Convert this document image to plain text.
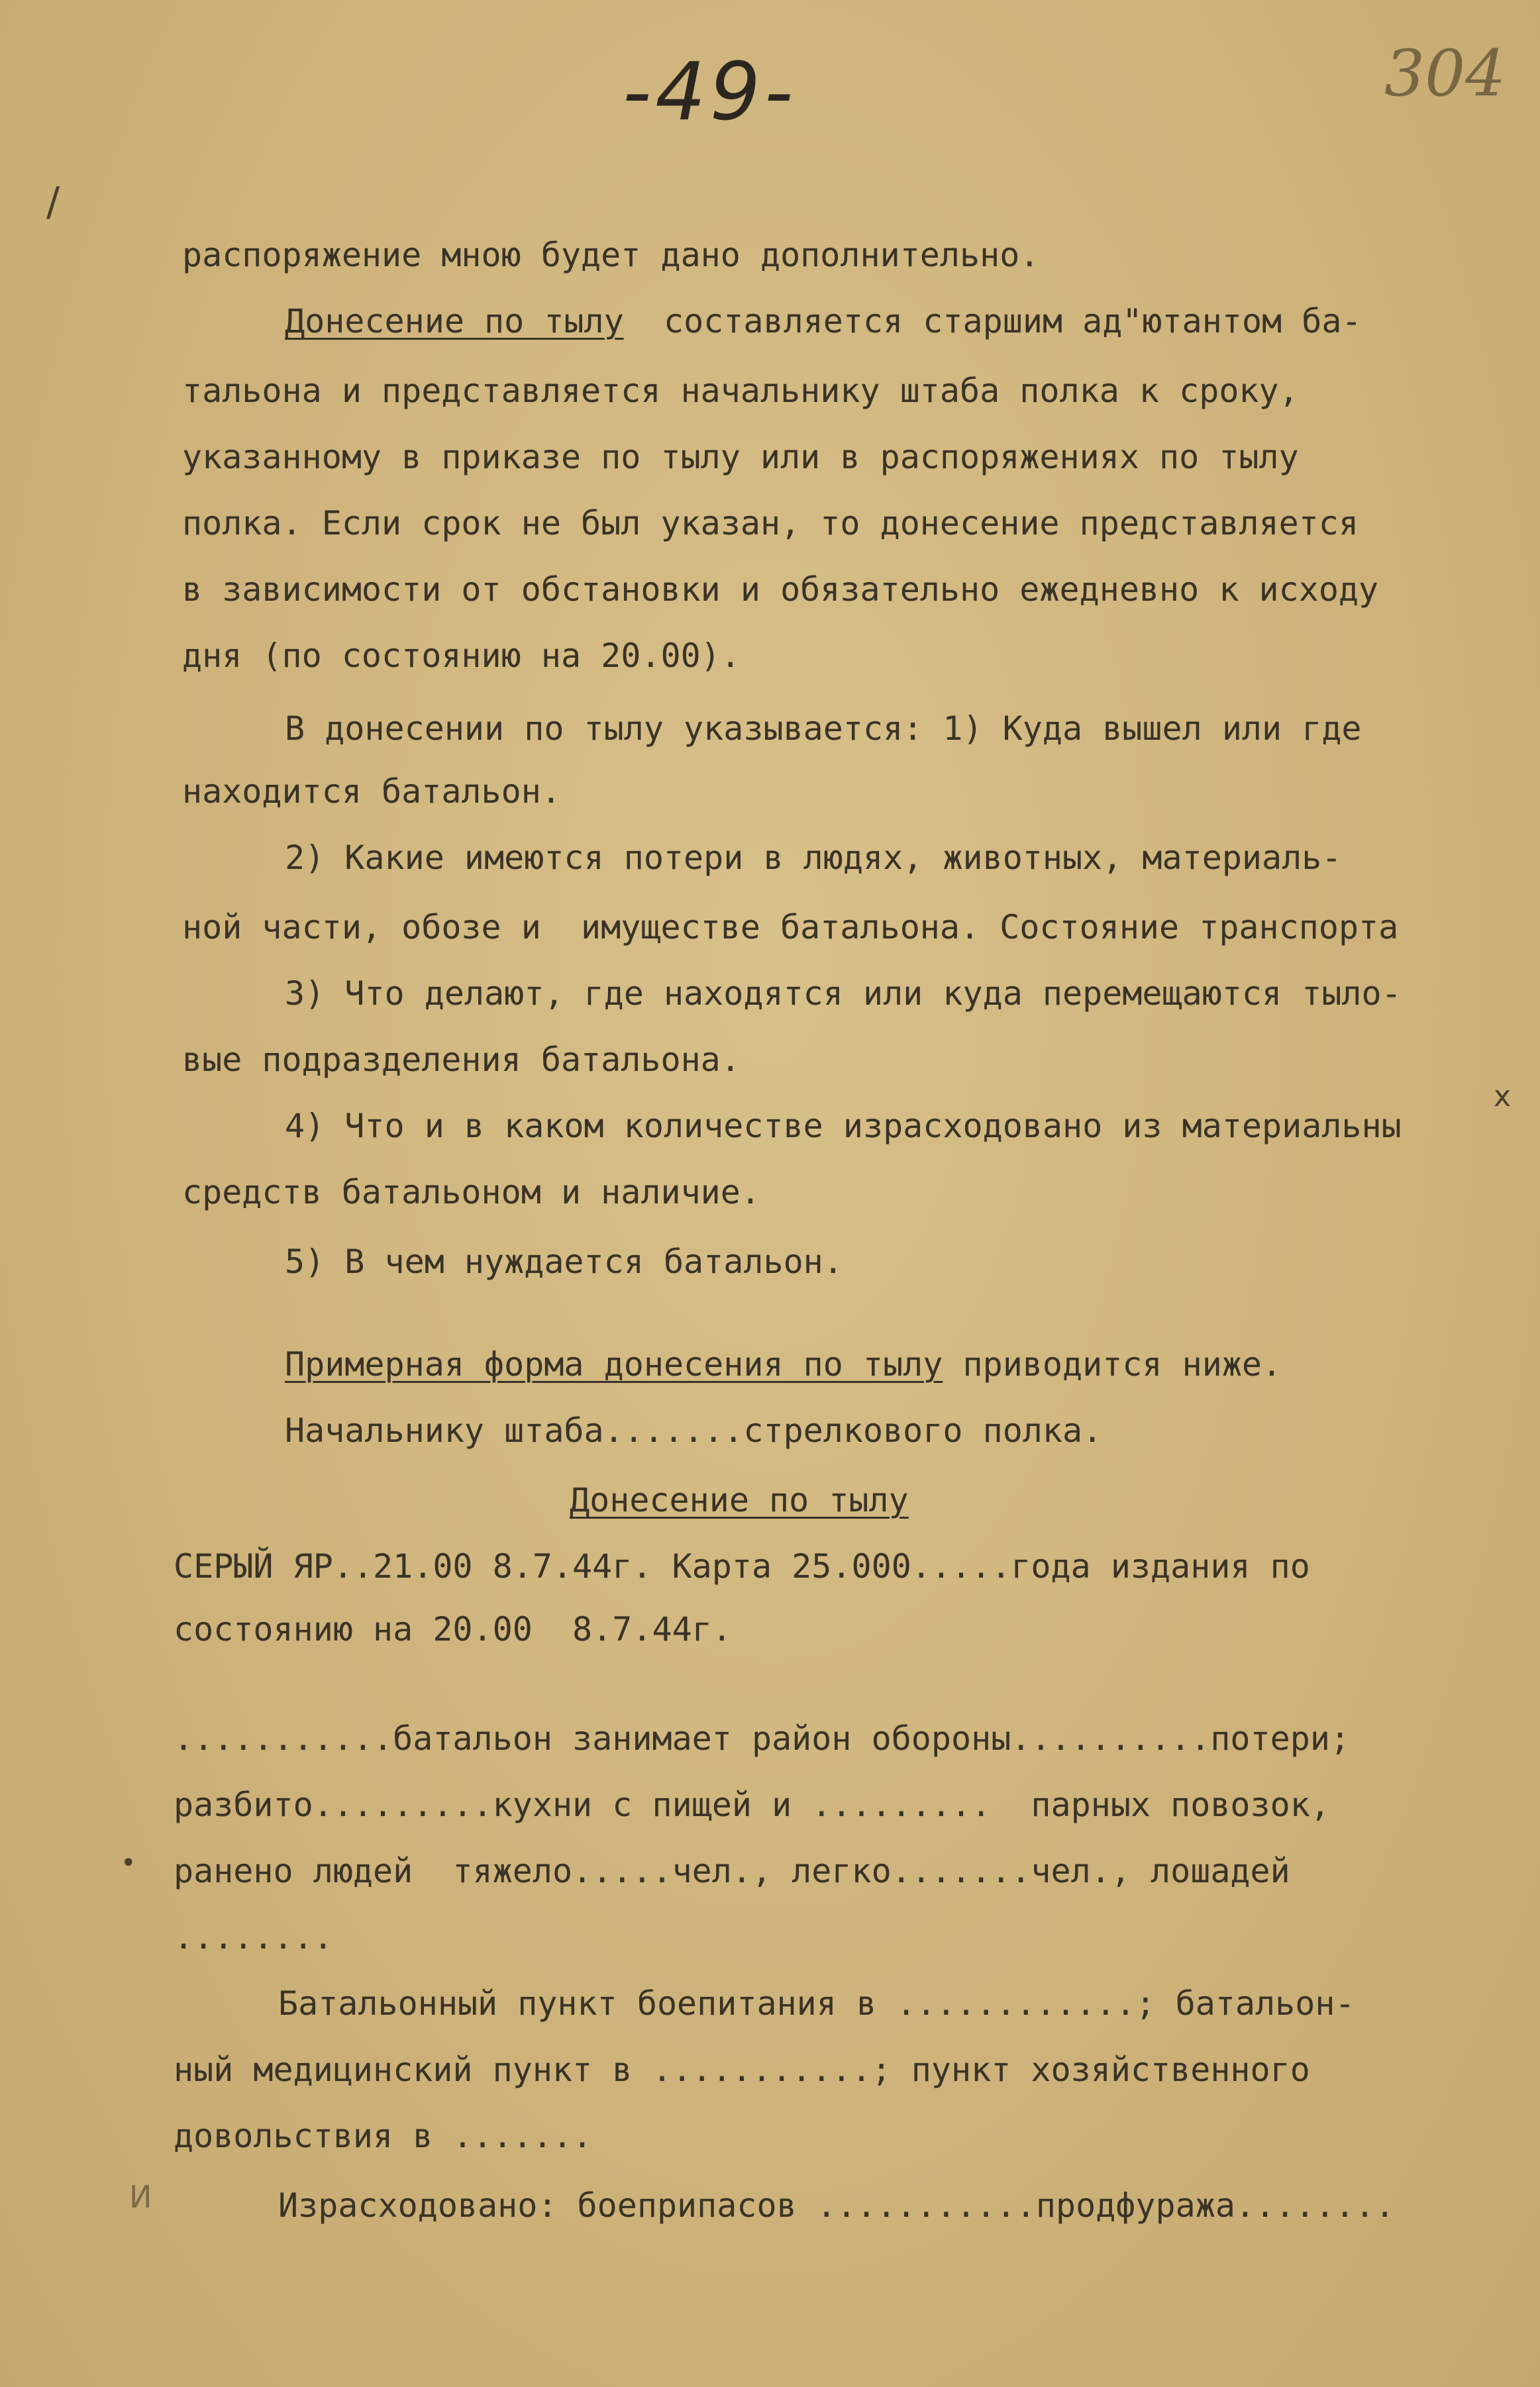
-49-	304
/
x
•
И
распоряжение мною будет дано дополнительно.
Донесение по тылу составляется старшим ад"ютантом ба-
тальона и представляется начальнику штаба полка к сроку,
указанному в приказе по тылу или в распоряжениях по тылу
полка. Если срок не был указан, то донесение представляется
в зависимости от обстановки и обязательно ежедневно к исходу
дня (по состоянию на 20.00).
В донесении по тылу указывается: 1) Куда вышел или где
находится батальон.
2) Какие имеются потери в людях, животных, материаль-
ной части, обозе и  имуществе батальона. Состояние транспорта
3) Что делают, где находятся или куда перемещаются тыло-
вые подразделения батальона.
4) Что и в каком количестве израсходовано из материальны
средств батальоном и наличие.
5) В чем нуждается батальон.
Примерная форма донесения по тылу приводится ниже.
Начальнику штаба.......стрелкового полка.
Донесение по тылу
СЕРЫЙ ЯР..21.00 8.7.44г. Карта 25.000.....года издания по
состоянию на 20.00  8.7.44г.
...........батальон занимает район обороны..........потери;
разбито.........кухни с пищей и .........  парных повозок,
ранено людей  тяжело.....чел., легко.......чел., лошадей
........
Батальонный пункт боепитания в ............; батальон-
ный медицинский пункт в ...........; пункт хозяйственного
довольствия в .......
Израсходовано: боеприпасов ...........продфуража........
